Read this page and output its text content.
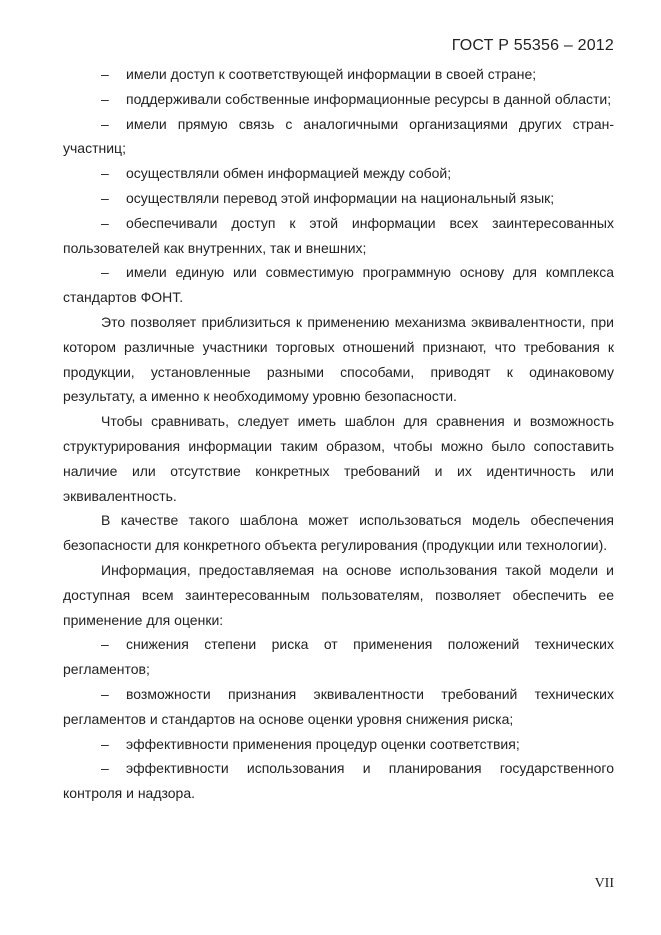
ГОСТ Р 55356 – 2012

– имели доступ к соответствующей информации в своей стране;

– поддерживали собственные информационные ресурсы в данной области;

– имели прямую связь с аналогичными организациями других стран-участниц;

– осуществляли обмен информацией между собой;

– осуществляли перевод этой информации на национальный язык;

– обеспечивали доступ к этой информации всех заинтересованных пользователей как внутренних, так и внешних;

– имели единую или совместимую программную основу для комплекса стандартов ФОНТ.

Это позволяет приблизиться к применению механизма эквивалентности, при котором различные участники торговых отношений признают, что требования к продукции, установленные разными способами, приводят к одинаковому результату, а именно к необходимому уровню безопасности.

Чтобы сравнивать, следует иметь шаблон для сравнения и возможность структурирования информации таким образом, чтобы можно было сопоставить наличие или отсутствие конкретных требований и их идентичность или эквивалентность.

В качестве такого шаблона может использоваться модель обеспечения безопасности для конкретного объекта регулирования (продукции или технологии).

Информация, предоставляемая на основе использования такой модели и доступная всем заинтересованным пользователям, позволяет обеспечить ее применение для оценки:

– снижения степени риска от применения положений технических регламентов;

– возможности признания эквивалентности требований технических регламентов и стандартов на основе оценки уровня снижения риска;

– эффективности применения процедур оценки соответствия;

– эффективности использования и планирования государственного контроля и надзора.

VII
